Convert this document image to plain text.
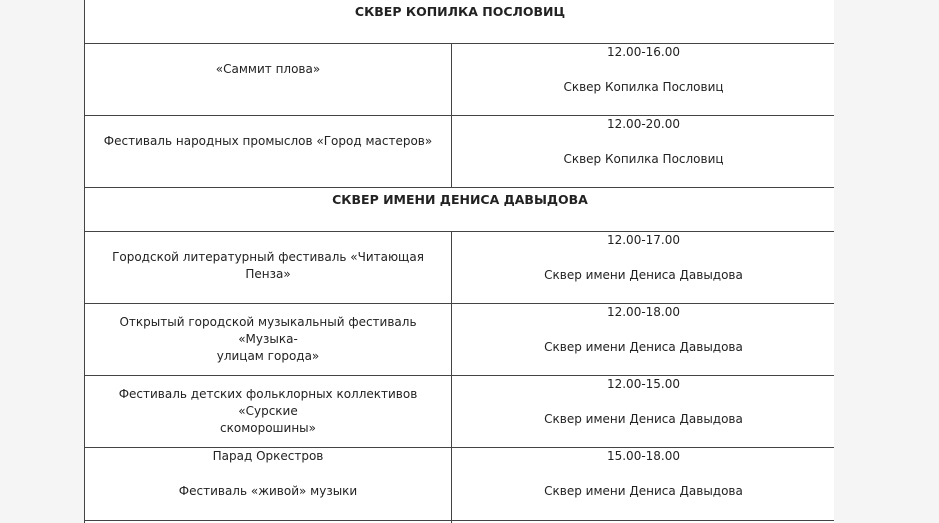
СКВЕР КОПИЛКА ПОСЛОВИЦ	

«Саммит плова»	12.00-16.00
Сквер Копилка Пословиц

Фестиваль народных промыслов «Город мастеров»	12.00-20.00
Сквер Копилка Пословиц

СКВЕР ИМЕНИ ДЕНИСА ДАВЫДОВА	

Городской литературный фестиваль «Читающая Пенза»	12.00-17.00
Сквер имени Дениса Давыдова

Открытый городской музыкальный фестиваль «Музыка-
улицам города»	12.00-18.00
Сквер имени Дениса Давыдова

Фестиваль детских фольклорных коллективов «Сурские
скоморошины»	12.00-15.00
Сквер имени Дениса Давыдова

Парад Оркестров
Фестиваль «живой» музыки	15.00-18.00
Сквер имени Дениса Давыдова
